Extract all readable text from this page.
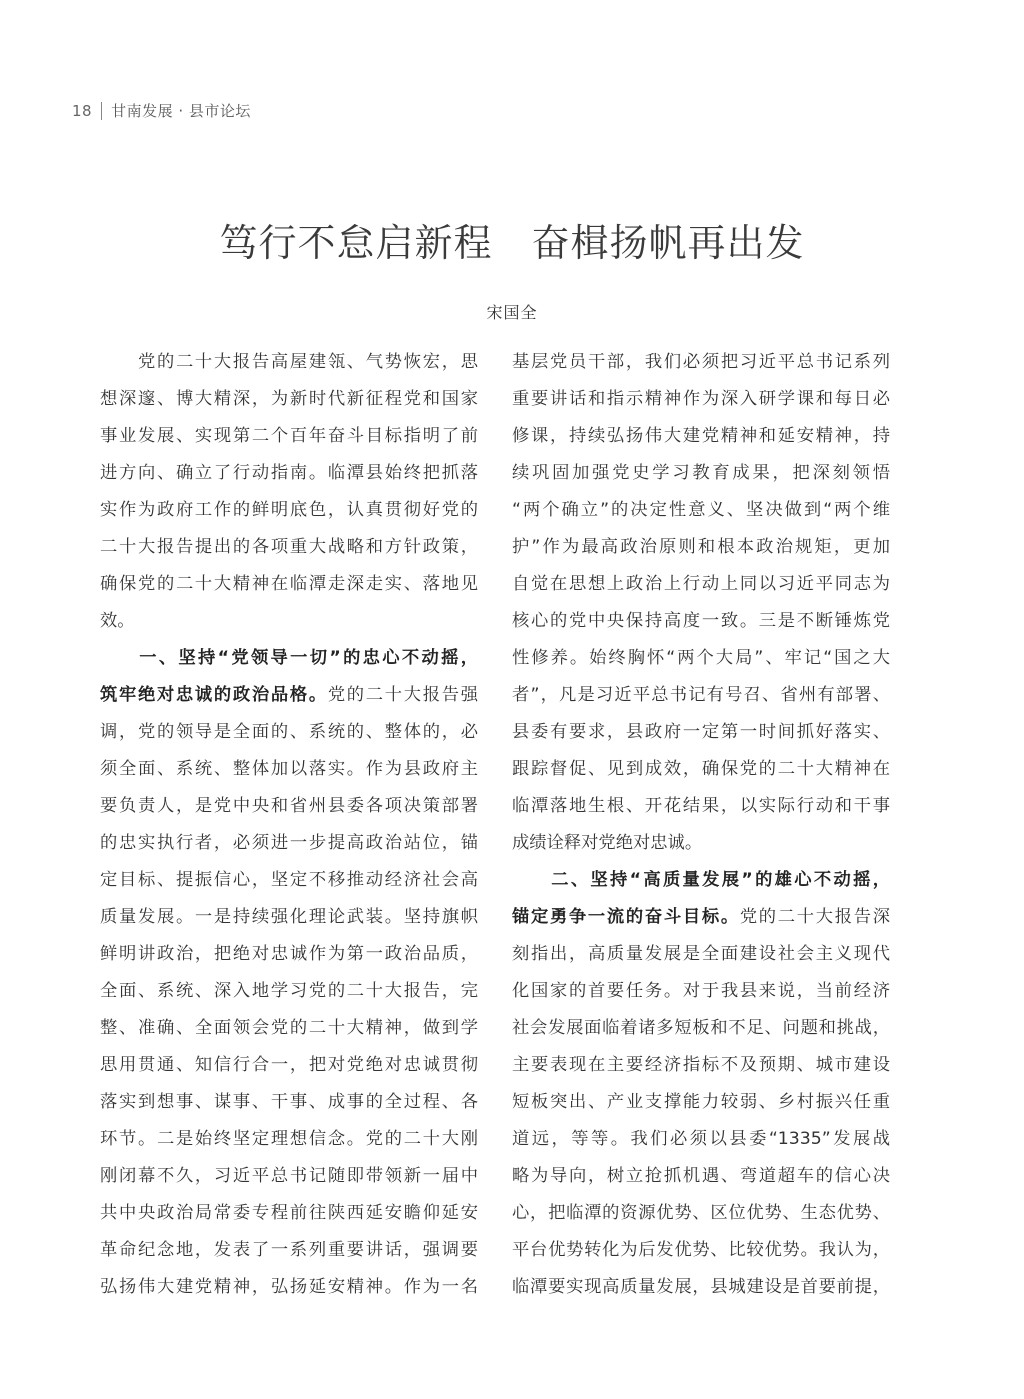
18 甘南发展 · 县市论坛
笃行不怠启新程　奋楫扬帆再出发
宋国全
　　党的二十大报告高屋建瓴、气势恢宏，思
想深邃、博大精深，为新时代新征程党和国家
事业发展、实现第二个百年奋斗目标指明了前
进方向、确立了行动指南。临潭县始终把抓落
实作为政府工作的鲜明底色，认真贯彻好党的
二十大报告提出的各项重大战略和方针政策，
确保党的二十大精神在临潭走深走实、落地见
效。
　　一、坚持“党领导一切”的忠心不动摇，
筑牢绝对忠诚的政治品格。党的二十大报告强
调，党的领导是全面的、系统的、整体的，必
须全面、系统、整体加以落实。作为县政府主
要负责人，是党中央和省州县委各项决策部署
的忠实执行者，必须进一步提高政治站位，锚
定目标、提振信心，坚定不移推动经济社会高
质量发展。一是持续强化理论武装。坚持旗帜
鲜明讲政治，把绝对忠诚作为第一政治品质，
全面、系统、深入地学习党的二十大报告，完
整、准确、全面领会党的二十大精神，做到学
思用贯通、知信行合一，把对党绝对忠诚贯彻
落实到想事、谋事、干事、成事的全过程、各
环节。二是始终坚定理想信念。党的二十大刚
刚闭幕不久，习近平总书记随即带领新一届中
共中央政治局常委专程前往陕西延安瞻仰延安
革命纪念地，发表了一系列重要讲话，强调要
弘扬伟大建党精神，弘扬延安精神。作为一名
基层党员干部，我们必须把习近平总书记系列
重要讲话和指示精神作为深入研学课和每日必
修课，持续弘扬伟大建党精神和延安精神，持
续巩固加强党史学习教育成果，把深刻领悟
“两个确立”的决定性意义、坚决做到“两个维
护”作为最高政治原则和根本政治规矩，更加
自觉在思想上政治上行动上同以习近平同志为
核心的党中央保持高度一致。三是不断锤炼党
性修养。始终胸怀“两个大局”、牢记“国之大
者”，凡是习近平总书记有号召、省州有部署、
县委有要求，县政府一定第一时间抓好落实、
跟踪督促、见到成效，确保党的二十大精神在
临潭落地生根、开花结果，以实际行动和干事
成绩诠释对党绝对忠诚。
　　二、坚持“高质量发展”的雄心不动摇，
锚定勇争一流的奋斗目标。党的二十大报告深
刻指出，高质量发展是全面建设社会主义现代
化国家的首要任务。对于我县来说，当前经济
社会发展面临着诸多短板和不足、问题和挑战，
主要表现在主要经济指标不及预期、城市建设
短板突出、产业支撑能力较弱、乡村振兴任重
道远，等等。我们必须以县委“1335”发展战
略为导向，树立抢抓机遇、弯道超车的信心决
心，把临潭的资源优势、区位优势、生态优势、
平台优势转化为后发优势、比较优势。我认为，
临潭要实现高质量发展，县城建设是首要前提，
